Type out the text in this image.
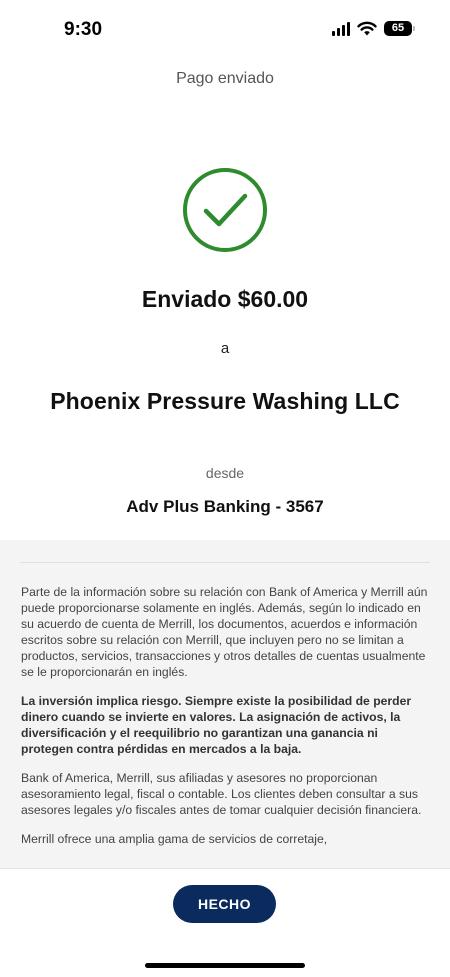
9:30	65
Pago enviado
Enviado $60.00
a
Phoenix Pressure Washing LLC
desde
Adv Plus Banking - 3567

Parte de la información sobre su relación con Bank of America y Merrill aún puede proporcionarse solamente en inglés. Además, según lo indicado en su acuerdo de cuenta de Merrill, los documentos, acuerdos e información escritos sobre su relación con Merrill, que incluyen pero no se limitan a productos, servicios, transacciones y otros detalles de cuentas usualmente se le proporcionarán en inglés.

La inversión implica riesgo. Siempre existe la posibilidad de perder dinero cuando se invierte en valores. La asignación de activos, la diversificación y el reequilibrio no garantizan una ganancia ni protegen contra pérdidas en mercados a la baja.

Bank of America, Merrill, sus afiliadas y asesores no proporcionan asesoramiento legal, fiscal o contable. Los clientes deben consultar a sus asesores legales y/o fiscales antes de tomar cualquier decisión financiera.

Merrill ofrece una amplia gama de servicios de corretaje,

HECHO
